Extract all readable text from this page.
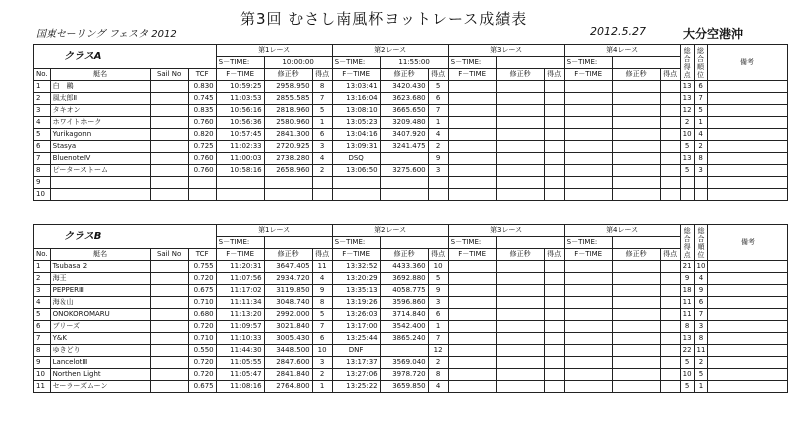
国東セーリング フェスタ 2012
第3回 むさし南風杯ヨットレース成績表
2012.5.27	大分空港沖
クラスA				第1レース			第2レース			第3レース			第4レース			総合得点	総合順位	備考
				S－TIME:	10:00:00		S－TIME:	11:55:00		S－TIME:			S－TIME:					
No.	艇名	Sail No	TCF	F－TIME	修正秒	得点	F－TIME	修正秒	得点	F－TIME	修正秒	得点	F－TIME	修正秒	得点			
1	白　鷗		0.830	10:59:25	2958.950	8	13:03:41	3420.430	5							13	6	
2	風太郎Ⅱ		0.745	11:03:53	2855.585	7	13:16:04	3623.680	6							13	7	
3	タキオン		0.835	10:56:16	2818.960	5	13:08:10	3665.650	7							12	5	
4	ホワイトホーク		0.760	10:56:36	2580.960	1	13:05:23	3209.480	1							2	1	
5	Yurikagonn		0.820	10:57:45	2841.300	6	13:04:16	3407.920	4							10	4	
6	Stasya		0.725	11:02:33	2720.925	3	13:09:31	3241.475	2							5	2	
7	BluenoteⅣ		0.760	11:00:03	2738.280	4	DSQ		9							13	8	
8	ピーターストーム		0.760	10:58:16	2658.960	2	13:06:50	3275.600	3							5	3	
9																		
10																		
クラスB				第1レース			第2レース			第3レース			第4レース			総合得点	総合順位	備考
				S－TIME:			S－TIME:			S－TIME:			S－TIME:					
No.	艇名	Sail No	TCF	F－TIME	修正秒	得点	F－TIME	修正秒	得点	F－TIME	修正秒	得点	F－TIME	修正秒	得点			
1	Tsubasa 2		0.755	11:20:31	3647.405	11	13:32:52	4433.360	10							21	10	
2	海王		0.720	11:07:56	2934.720	4	13:20:29	3692.880	5							9	4	
3	PEPPERⅢ		0.675	11:17:02	3119.850	9	13:35:13	4058.775	9							18	9	
4	海＆山		0.710	11:11:34	3048.740	8	13:19:26	3596.860	3							11	6	
5	ONOKOROMARU		0.680	11:13:20	2992.000	5	13:26:03	3714.840	6							11	7	
6	ブリーズ		0.720	11:09:57	3021.840	7	13:17:00	3542.400	1							8	3	
7	Y&K		0.710	11:10:33	3005.430	6	13:25:44	3865.240	7							13	8	
8	ゆきどり		0.550	11:44:30	3448.500	10	DNF		12							22	11	
9	LancelotⅢ		0.720	11:05:55	2847.600	3	13:17:37	3569.040	2							5	2	
10	Northen Light		0.720	11:05:47	2841.840	2	13:27:06	3978.720	8							10	5	
11	セーラーズムーン		0.675	11:08:16	2764.800	1	13:25:22	3659.850	4							5	1	
